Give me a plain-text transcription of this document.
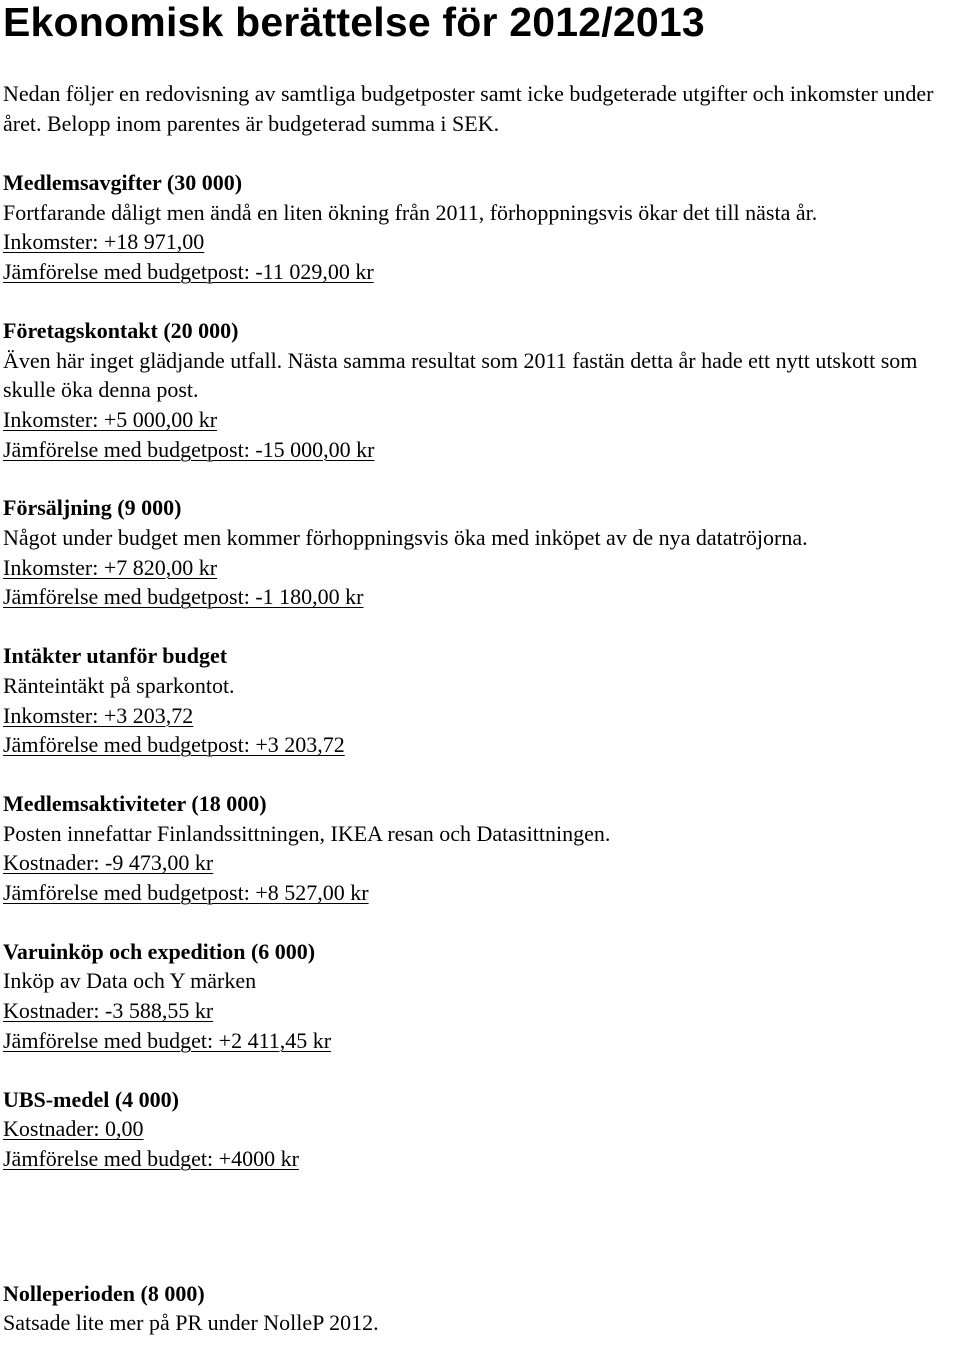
Ekonomisk berättelse för 2012/2013
Nedan följer en redovisning av samtliga budgetposter samt icke budgeterade utgifter och inkomster under året. Belopp inom parentes är budgeterad summa i SEK.
Medlemsavgifter (30 000)
Fortfarande dåligt men ändå en liten ökning från 2011, förhoppningsvis ökar det till nästa år.
Inkomster: +18 971,00
Jämförelse med budgetpost: -11 029,00 kr
Företagskontakt (20 000)
Även här inget glädjande utfall. Nästa samma resultat som 2011 fastän detta år hade ett nytt utskott som skulle öka denna post.
Inkomster: +5 000,00 kr
Jämförelse med budgetpost: -15 000,00 kr
Försäljning (9 000)
Något under budget men kommer förhoppningsvis öka med inköpet av de nya datatröjorna.
Inkomster: +7 820,00 kr
Jämförelse med budgetpost: -1 180,00 kr
Intäkter utanför budget
Ränteintäkt på sparkontot.
Inkomster: +3 203,72
Jämförelse med budgetpost: +3 203,72
Medlemsaktiviteter (18 000)
Posten innefattar Finlandssittningen, IKEA resan och Datasittningen.
Kostnader: -9 473,00 kr
Jämförelse med budgetpost: +8 527,00 kr
Varuinköp och expedition (6 000)
Inköp av Data och Y märken
Kostnader: -3 588,55 kr
Jämförelse med budget: +2 411,45 kr
UBS-medel (4 000)
Kostnader: 0,00
Jämförelse med budget: +4000 kr
Nolleperioden (8 000)
Satsade lite mer på PR under NolleP 2012.
